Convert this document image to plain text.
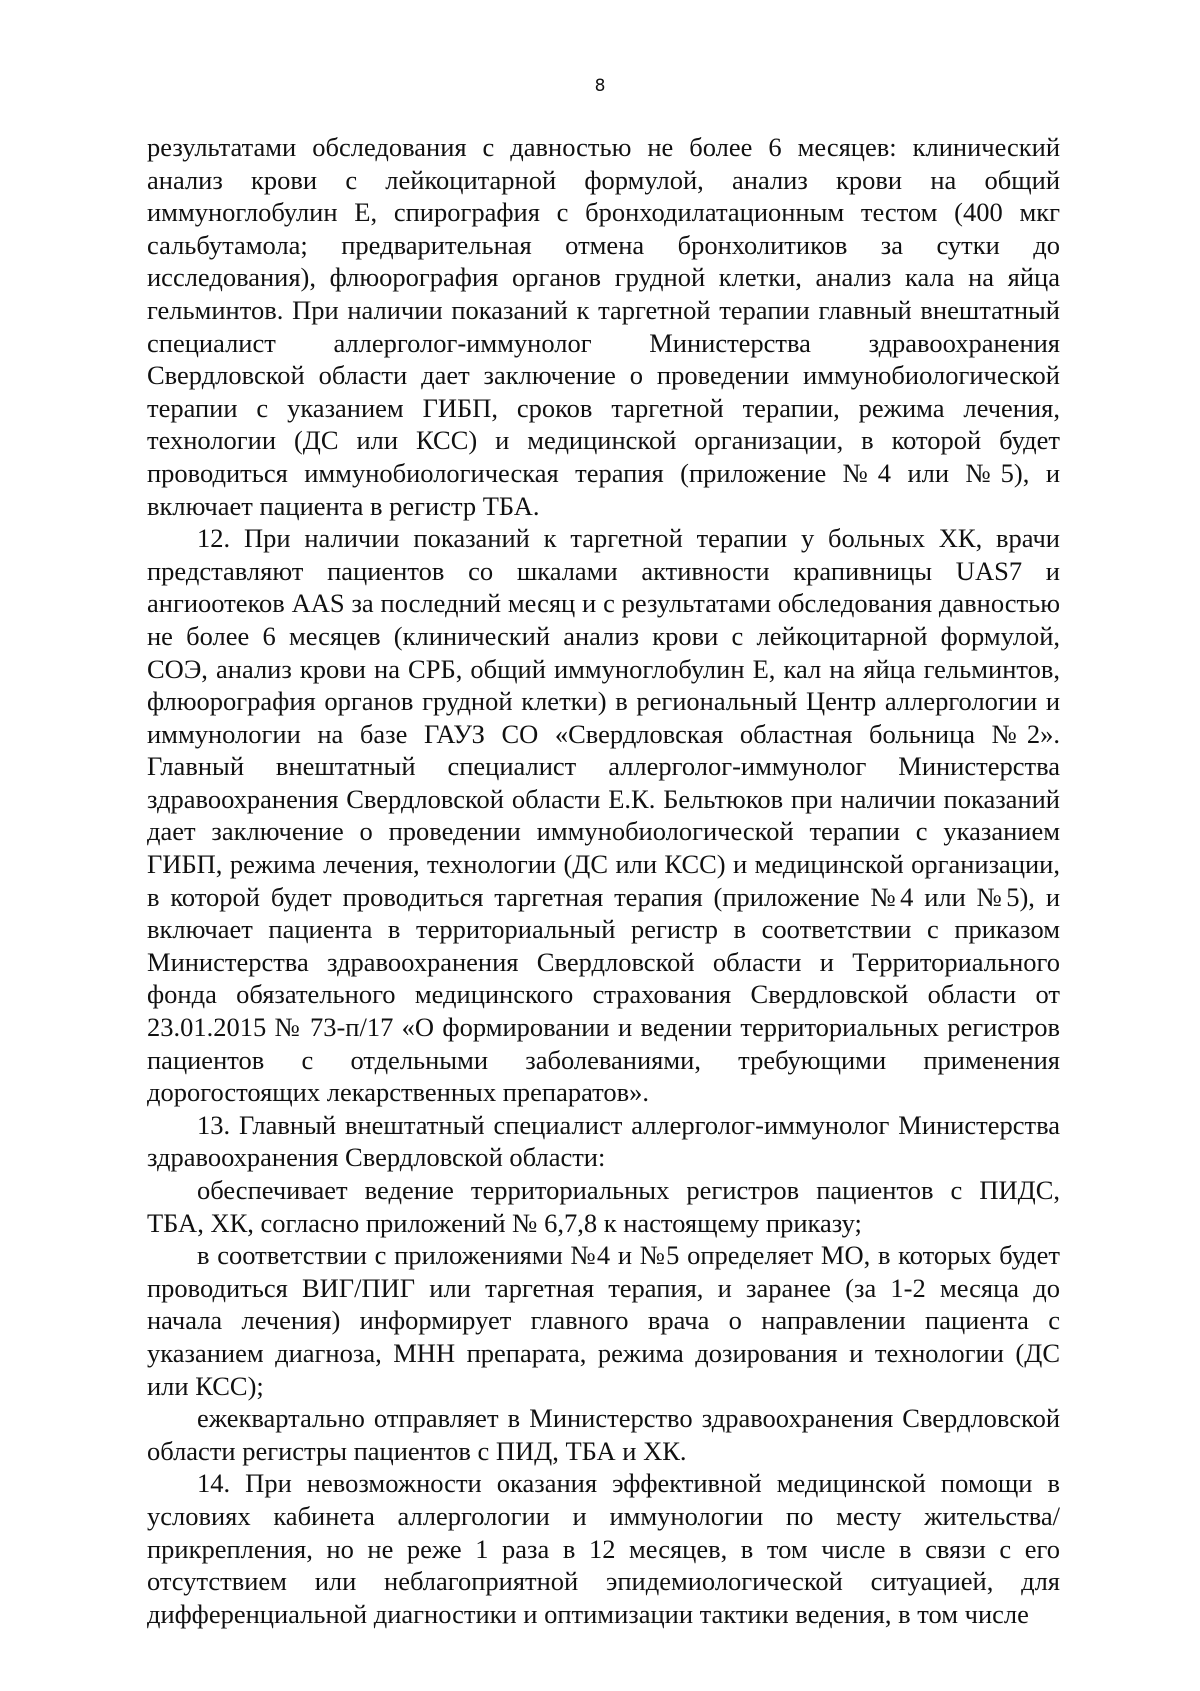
8

результатами обследования с давностью не более 6 месяцев: клинический анализ крови с лейкоцитарной формулой, анализ крови на общий иммуноглобулин Е, спирография с бронходилатационным тестом (400 мкг сальбутамола; предварительная отмена бронхолитиков за сутки до исследования), флюорография органов грудной клетки, анализ кала на яйца гельминтов. При наличии показаний к таргетной терапии главный внештатный специалист аллерголог-иммунолог Министерства здравоохранения Свердловской области дает заключение о проведении иммунобиологической терапии с указанием ГИБП, сроков таргетной терапии, режима лечения, технологии (ДС или КСС) и медицинской организации, в которой будет проводиться иммунобиологическая терапия (приложение №4 или №5), и включает пациента в регистр ТБА.

12. При наличии показаний к таргетной терапии у больных ХК, врачи представляют пациентов со шкалами активности крапивницы UAS7 и ангиоотеков AAS за последний месяц и с результатами обследования давностью не более 6 месяцев (клинический анализ крови с лейкоцитарной формулой, СОЭ, анализ крови на СРБ, общий иммуноглобулин Е, кал на яйца гельминтов, флюорография органов грудной клетки) в региональный Центр аллергологии и иммунологии на базе ГАУЗ СО «Свердловская областная больница №2». Главный внештатный специалист аллерголог-иммунолог Министерства здравоохранения Свердловской области Е.К. Бельтюков при наличии показаний дает заключение о проведении иммунобиологической терапии с указанием ГИБП, режима лечения, технологии (ДС или КСС) и медицинской организации, в которой будет проводиться таргетная терапия (приложение №4 или №5), и включает пациента в территориальный регистр в соответствии с приказом Министерства здравоохранения Свердловской области и Территориального фонда обязательного медицинского страхования Свердловской области от 23.01.2015 № 73-п/17 «О формировании и ведении территориальных регистров пациентов с отдельными заболеваниями, требующими применения дорогостоящих лекарственных препаратов».

13. Главный внештатный специалист аллерголог-иммунолог Министерства здравоохранения Свердловской области:

обеспечивает ведение территориальных регистров пациентов с ПИДС, ТБА, ХК, согласно приложений № 6,7,8 к настоящему приказу;

в соответствии с приложениями №4 и №5 определяет МО, в которых будет проводиться ВИГ/ПИГ или таргетная терапия, и заранее (за 1-2 месяца до начала лечения) информирует главного врача о направлении пациента с указанием диагноза, МНН препарата, режима дозирования и технологии (ДС или КСС);

ежеквартально отправляет в Министерство здравоохранения Свердловской области регистры пациентов с ПИД, ТБА и ХК.

14. При невозможности оказания эффективной медицинской помощи в условиях кабинета аллергологии и иммунологии по месту жительства/прикрепления, но не реже 1 раза в 12 месяцев, в том числе в связи с его отсутствием или неблагоприятной эпидемиологической ситуацией, для дифференциальной диагностики и оптимизации тактики ведения, в том числе
